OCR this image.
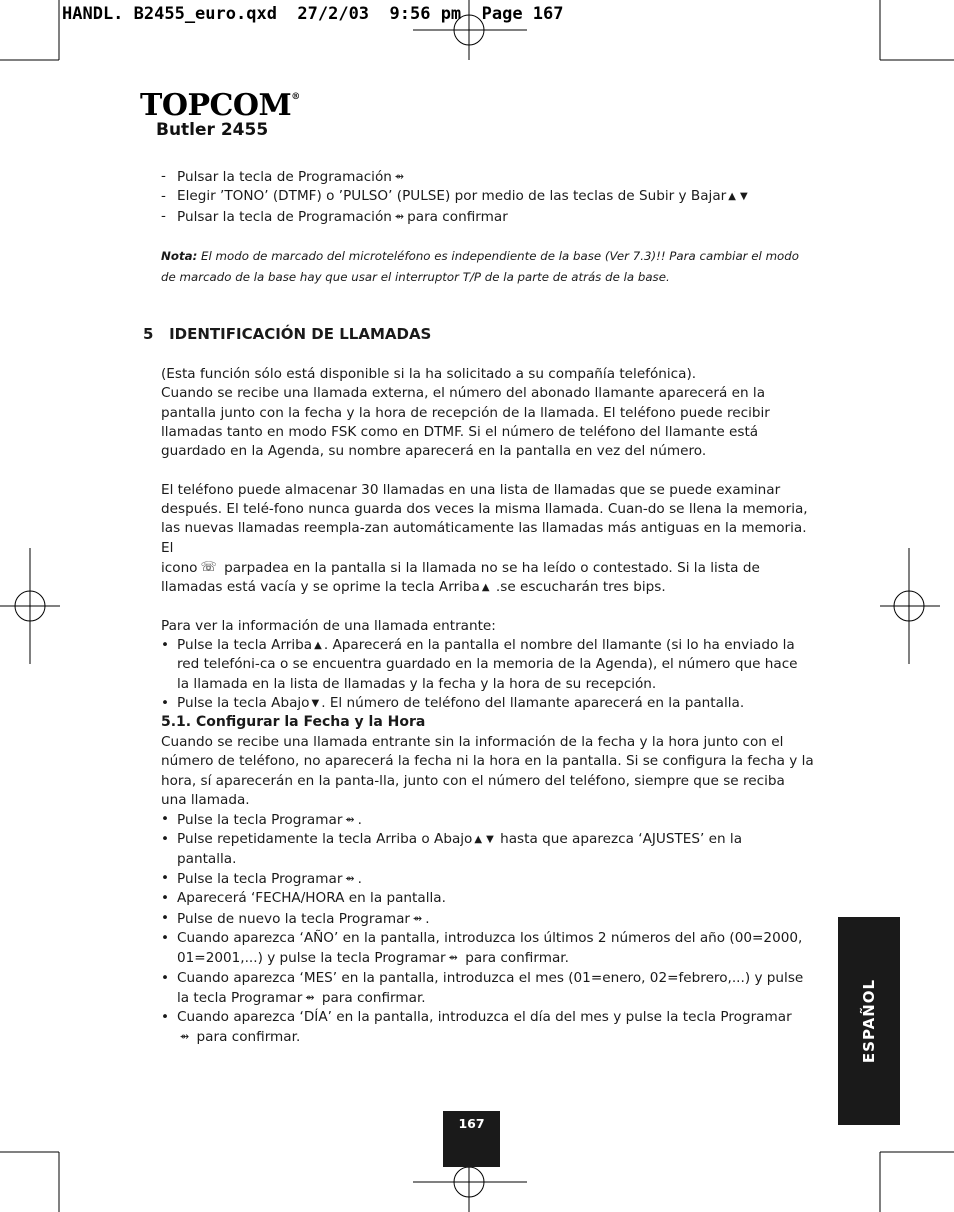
HANDL. B2455_euro.qxd  27/2/03  9:56 pm  Page 167
TOPCOM®
Butler 2455
- Pulsar la tecla de Programación ⇴
- Elegir ’TONO’ (DTMF) o ’PULSO’ (PULSE) por medio de las teclas de Subir y Bajar ▲ ▼
- Pulsar la tecla de Programación ⇴ para confirmar
Nota: El modo de marcado del microteléfono es independiente de la base (Ver 7.3)!! Para cambiar el modo
de marcado de la base hay que usar el interruptor T/P de la parte de atrás de la base.
5   IDENTIFICACIÓN DE LLAMADAS
(Esta función sólo está disponible si la ha solicitado a su compañía telefónica).
Cuando se recibe una llamada externa, el número del abonado llamante aparecerá en la
pantalla junto con la fecha y la hora de recepción de la llamada. El teléfono puede recibir
llamadas tanto en modo FSK como en DTMF. Si el número de teléfono del llamante está
guardado en la Agenda, su nombre aparecerá en la pantalla en vez del número.
El teléfono puede almacenar 30 llamadas en una lista de llamadas que se puede examinar
después. El telé-fono nunca guarda dos veces la misma llamada. Cuan-do se llena la memoria,
las nuevas llamadas reempla-zan automáticamente las llamadas más antiguas en la memoria. El
icono ☏ parpadea en la pantalla si la llamada no se ha leído o contestado. Si la lista de
llamadas está vacía y se oprime la tecla Arriba ▲ .se escucharán tres bips.
Para ver la información de una llamada entrante:
• Pulse la tecla Arriba ▲ . Aparecerá en la pantalla el nombre del llamante (si lo ha enviado la
red telefóni-ca o se encuentra guardado en la memoria de la Agenda), el número que hace
la llamada en la lista de llamadas y la fecha y la hora de su recepción.
• Pulse la tecla Abajo ▼ . El número de teléfono del llamante aparecerá en la pantalla.
5.1. Configurar la Fecha y la Hora
Cuando se recibe una llamada entrante sin la información de la fecha y la hora junto con el
número de teléfono, no aparecerá la fecha ni la hora en la pantalla. Si se configura la fecha y la
hora, sí aparecerán en la panta-lla, junto con el número del teléfono, siempre que se reciba
una llamada.
• Pulse la tecla Programar ⇴ .
• Pulse repetidamente la tecla Arriba o Abajo ▲ ▼ hasta que aparezca ‘AJUSTES’ en la
pantalla.
• Pulse la tecla Programar ⇴ .
• Aparecerá ‘FECHA/HORA en la pantalla.
• Pulse de nuevo la tecla Programar ⇴ .
• Cuando aparezca ‘AÑO’ en la pantalla, introduzca los últimos 2 números del año (00=2000,
01=2001,...) y pulse la tecla Programar ⇴ para confirmar.
• Cuando aparezca ‘MES’ en la pantalla, introduzca el mes (01=enero, 02=febrero,...) y pulse
la tecla Programar ⇴ para confirmar.
• Cuando aparezca ‘DÍA’ en la pantalla, introduzca el día del mes y pulse la tecla Programar
⇴ para confirmar.	ESPAÑOL
167
